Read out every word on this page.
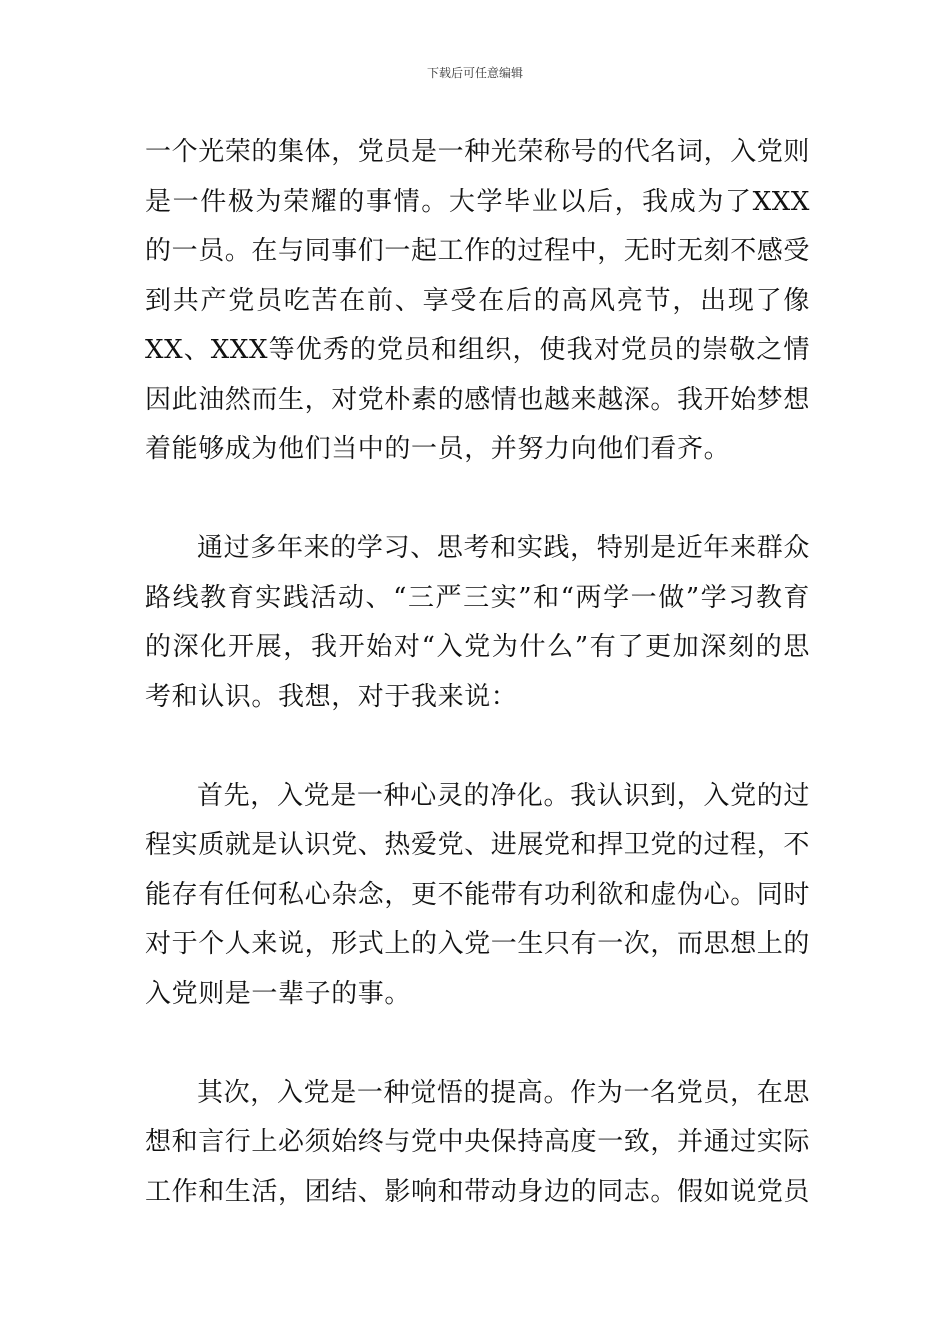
下载后可任意编辑

一个光荣的集体，党员是一种光荣称号的代名词，入党则是一件极为荣耀的事情。大学毕业以后，我成为了XXX的一员。在与同事们一起工作的过程中，无时无刻不感受到共产党员吃苦在前、享受在后的高风亮节，出现了像XX、XXX等优秀的党员和组织，使我对党员的崇敬之情因此油然而生，对党朴素的感情也越来越深。我开始梦想着能够成为他们当中的一员，并努力向他们看齐。

通过多年来的学习、思考和实践，特别是近年来群众路线教育实践活动、“三严三实”和“两学一做”学习教育的深化开展，我开始对“入党为什么”有了更加深刻的思考和认识。我想，对于我来说：

首先，入党是一种心灵的净化。我认识到，入党的过程实质就是认识党、热爱党、进展党和捍卫党的过程，不能存有任何私心杂念，更不能带有功利欲和虚伪心。同时对于个人来说，形式上的入党一生只有一次，而思想上的入党则是一辈子的事。

其次，入党是一种觉悟的提高。作为一名党员，在思想和言行上必须始终与党中央保持高度一致，并通过实际工作和生活，团结、影响和带动身边的同志。假如说党员
